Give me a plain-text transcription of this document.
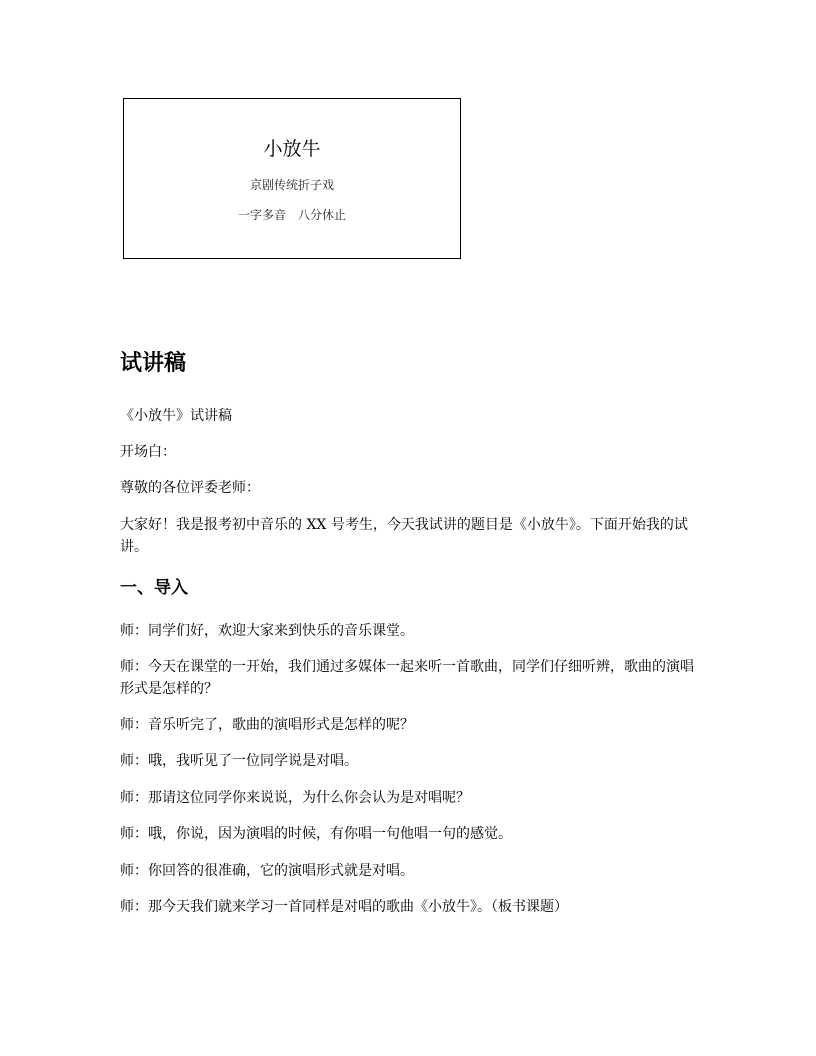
小放牛
京剧传统折子戏
一字多音　八分休止
试讲稿
《小放牛》试讲稿
开场白：
尊敬的各位评委老师：
大家好！我是报考初中音乐的 XX 号考生，今天我试讲的题目是《小放牛》。下面开始我的试讲。
一、导入
师：同学们好，欢迎大家来到快乐的音乐课堂。
师：今天在课堂的一开始，我们通过多媒体一起来听一首歌曲，同学们仔细听辨，歌曲的演唱形式是怎样的？
师：音乐听完了，歌曲的演唱形式是怎样的呢？
师：哦，我听见了一位同学说是对唱。
师：那请这位同学你来说说，为什么你会认为是对唱呢？
师：哦，你说，因为演唱的时候，有你唱一句他唱一句的感觉。
师：你回答的很准确，它的演唱形式就是对唱。
师：那今天我们就来学习一首同样是对唱的歌曲《小放牛》。（板书课题）
